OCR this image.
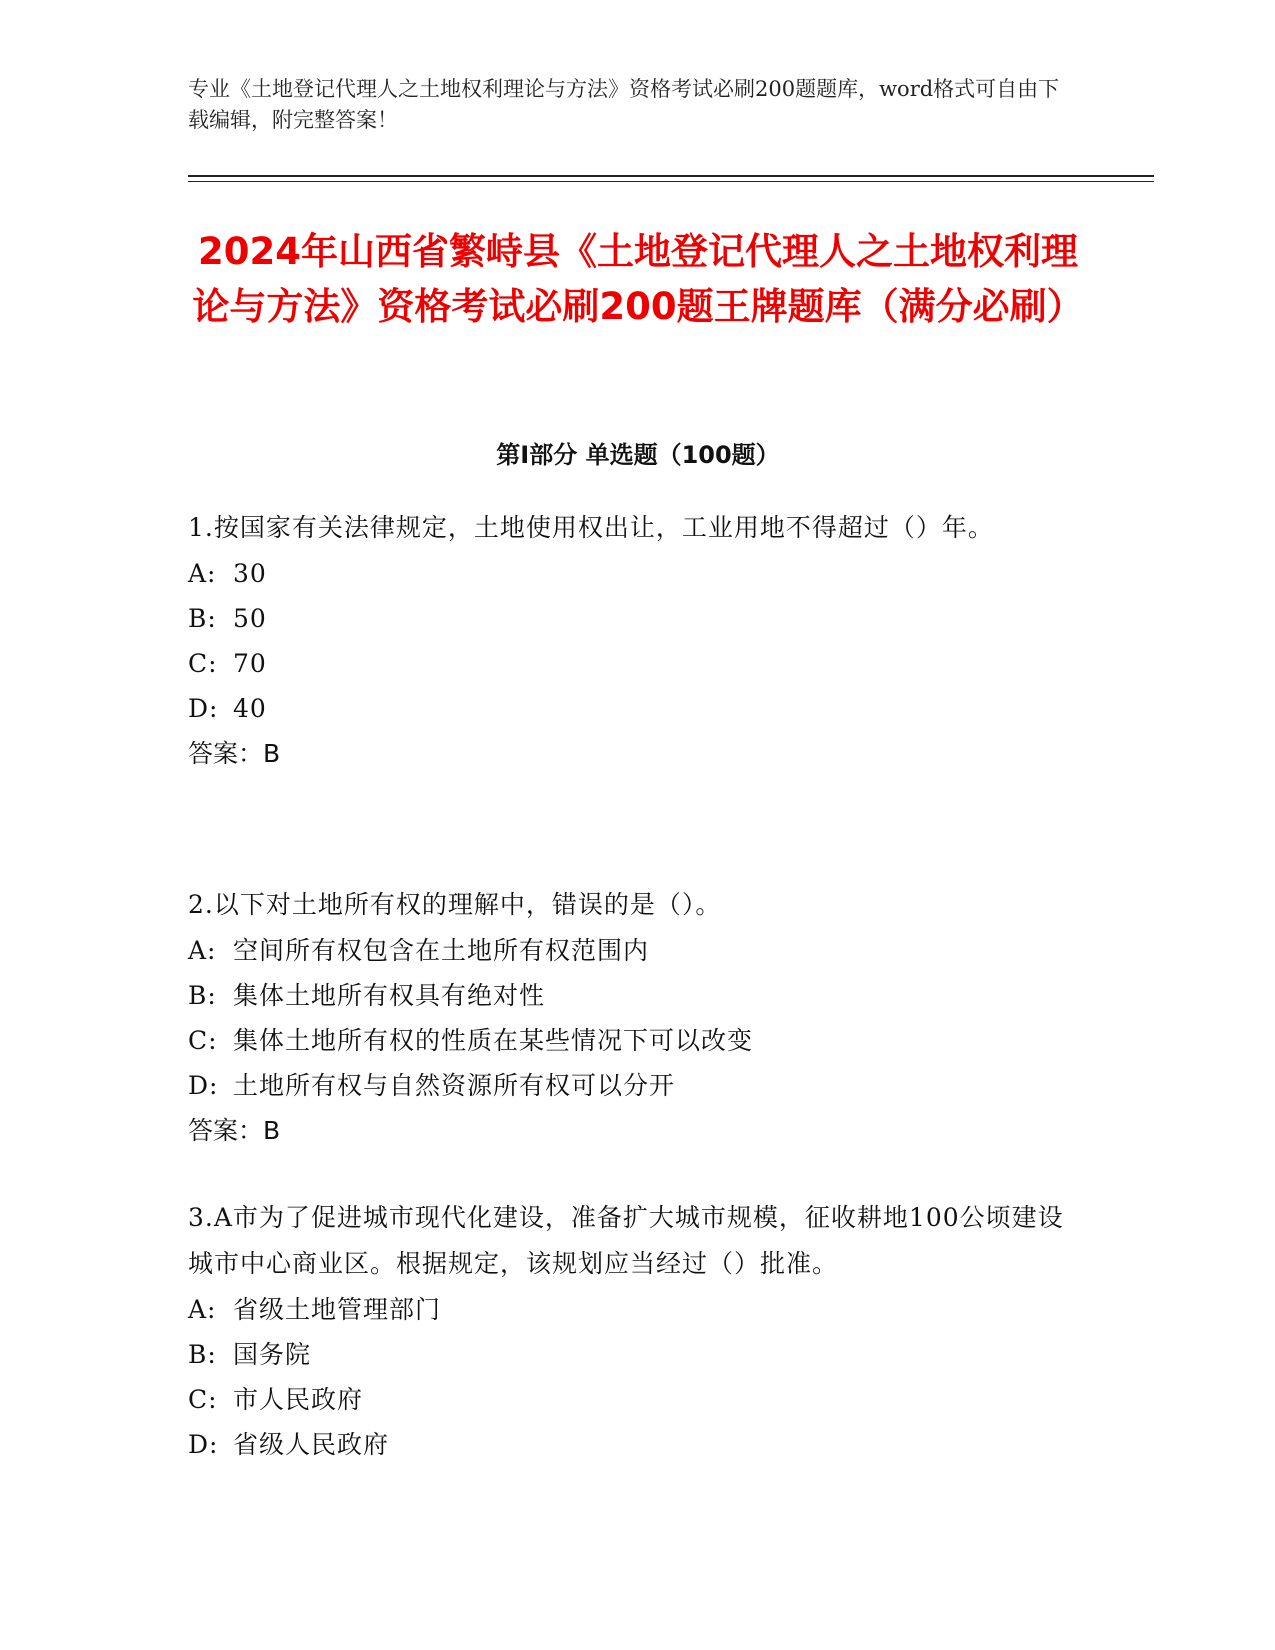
专业《土地登记代理人之土地权利理论与方法》资格考试必刷200题题库，word格式可自由下载编辑，附完整答案！

2024年山西省繁峙县《土地登记代理人之土地权利理论与方法》资格考试必刷200题王牌题库（满分必刷）
第Ⅰ部分 单选题（100题）

1.按国家有关法律规定，土地使用权出让，工业用地不得超过（）年。

A: 30

B: 50

C: 70

D: 40

答案：B

2.以下对土地所有权的理解中，错误的是（）。

A: 空间所有权包含在土地所有权范围内

B: 集体土地所有权具有绝对性

C: 集体土地所有权的性质在某些情况下可以改变

D: 土地所有权与自然资源所有权可以分开

答案：B

3.A市为了促进城市现代化建设，准备扩大城市规模，征收耕地100公顷建设城市中心商业区。根据规定，该规划应当经过（）批准。

A: 省级土地管理部门

B: 国务院

C: 市人民政府

D: 省级人民政府
